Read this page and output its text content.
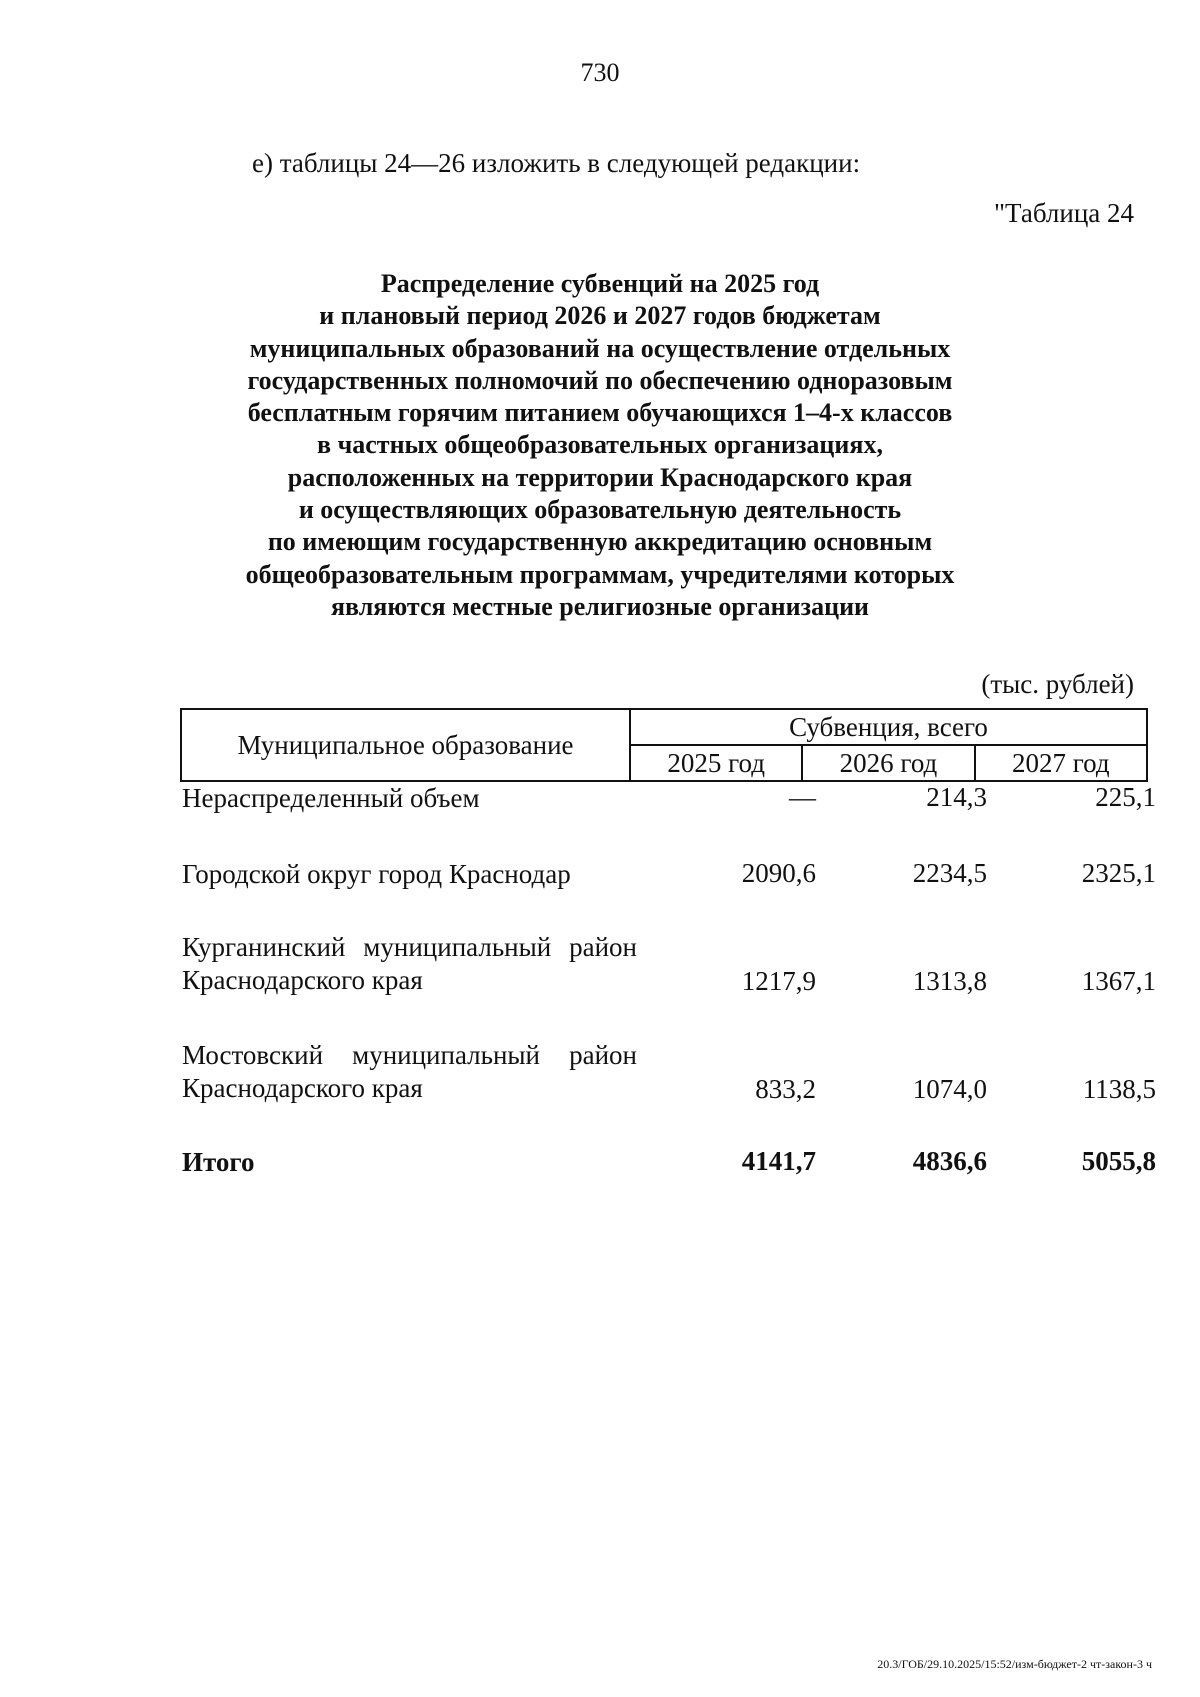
730
е) таблицы 24—26 изложить в следующей редакции:
"Таблица 24
Распределение субвенций на 2025 год
и плановый период 2026 и 2027 годов бюджетам
муниципальных образований на осуществление отдельных
государственных полномочий по обеспечению одноразовым
бесплатным горячим питанием обучающихся 1–4-х классов
в частных общеобразовательных организациях,
расположенных на территории Краснодарского края
и осуществляющих образовательную деятельность
по имеющим государственную аккредитацию основным
общеобразовательным программам, учредителями которых
являются местные религиозные организации
(тыс. рублей)
Муниципальное образование	Субвенция, всего		
	2025 год	2026 год	2027 год
Нераспределенный объем	—	214,3	225,1
Городской округ город Краснодар	2090,6	2234,5	2325,1
Курганинский муниципальный район Краснодарского края	1217,9	1313,8	1367,1
Мостовский муниципальный район Краснодарского края	833,2	1074,0	1138,5
Итого	4141,7	4836,6	5055,8
20.3/ГОБ/29.10.2025/15:52/изм-бюджет-2 чт-закон-3 ч
